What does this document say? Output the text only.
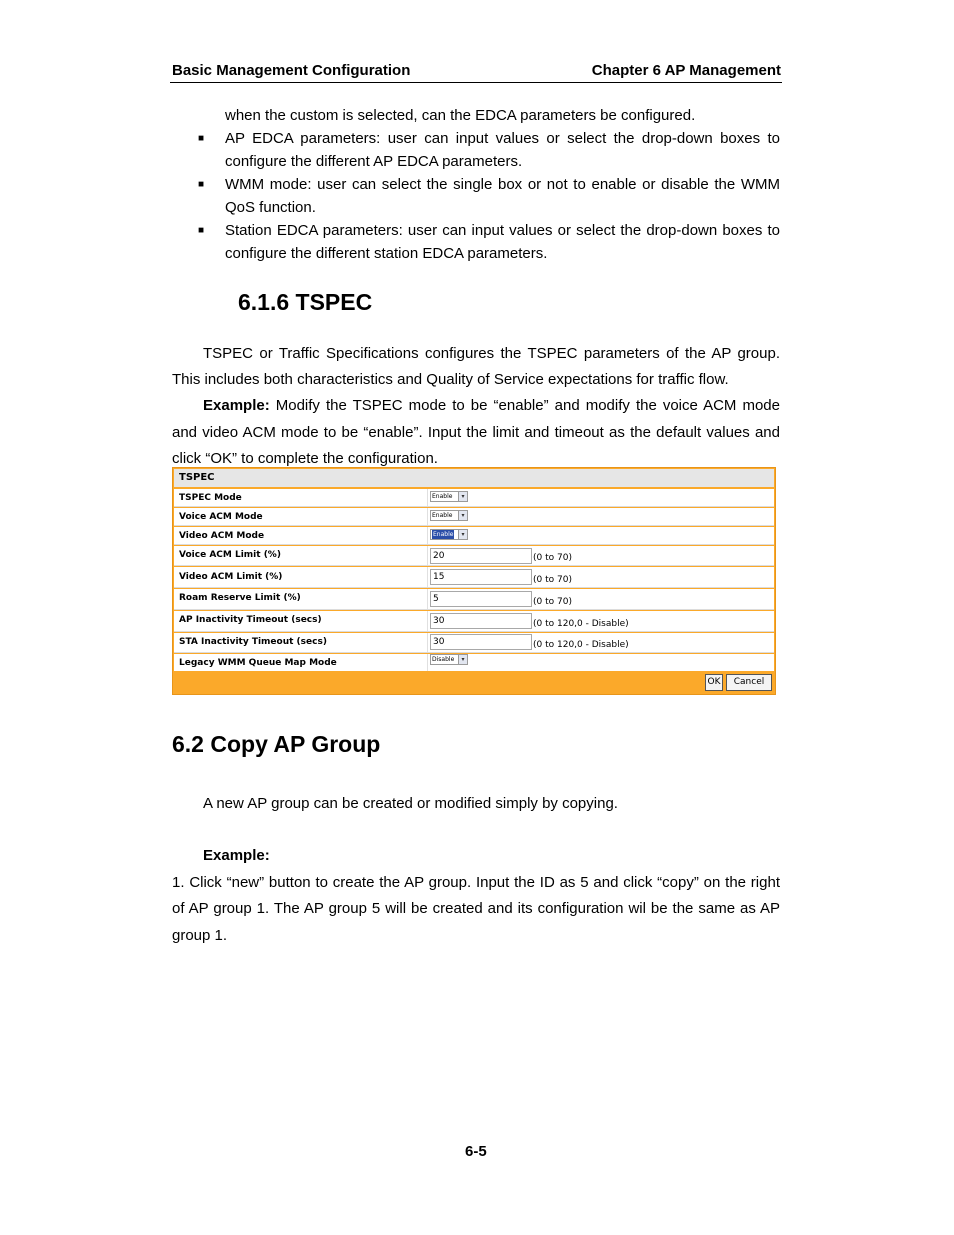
Basic Management Configuration	Chapter 6 AP Management
when the custom is selected, can the EDCA parameters be configured.
■ AP EDCA parameters: user can input values or select the drop-down boxes to
configure the different AP EDCA parameters.
■ WMM mode: user can select the single box or not to enable or disable the WMM
QoS function.
■ Station EDCA parameters: user can input values or select the drop-down boxes to
configure the different station EDCA parameters.
6.1.6 TSPEC
TSPEC or Traffic Specifications configures the TSPEC parameters of the AP group.
This includes both characteristics and Quality of Service expectations for traffic flow.
Example: Modify the TSPEC mode to be “enable” and modify the voice ACM mode
and video ACM mode to be “enable”. Input the limit and timeout as the default values and
click “OK” to complete the configuration.
TSPEC
TSPEC Mode	Enable	▾
Voice ACM Mode	Enable	▾
Video ACM Mode	Enable	▾
Voice ACM Limit (%)	20	(0 to 70)
Video ACM Limit (%)	15	(0 to 70)
Roam Reserve Limit (%)	5	(0 to 70)
AP Inactivity Timeout (secs)	30	(0 to 120,0 - Disable)
STA Inactivity Timeout (secs)	30	(0 to 120,0 - Disable)
Legacy WMM Queue Map Mode	Disable	▾
OK	Cancel
6.2 Copy AP Group
A new AP group can be created or modified simply by copying.
Example:
1. Click “new” button to create the AP group. Input the ID as 5 and click “copy” on the right
of AP group 1. The AP group 5 will be created and its configuration wil be the same as AP
group 1.
6-5
